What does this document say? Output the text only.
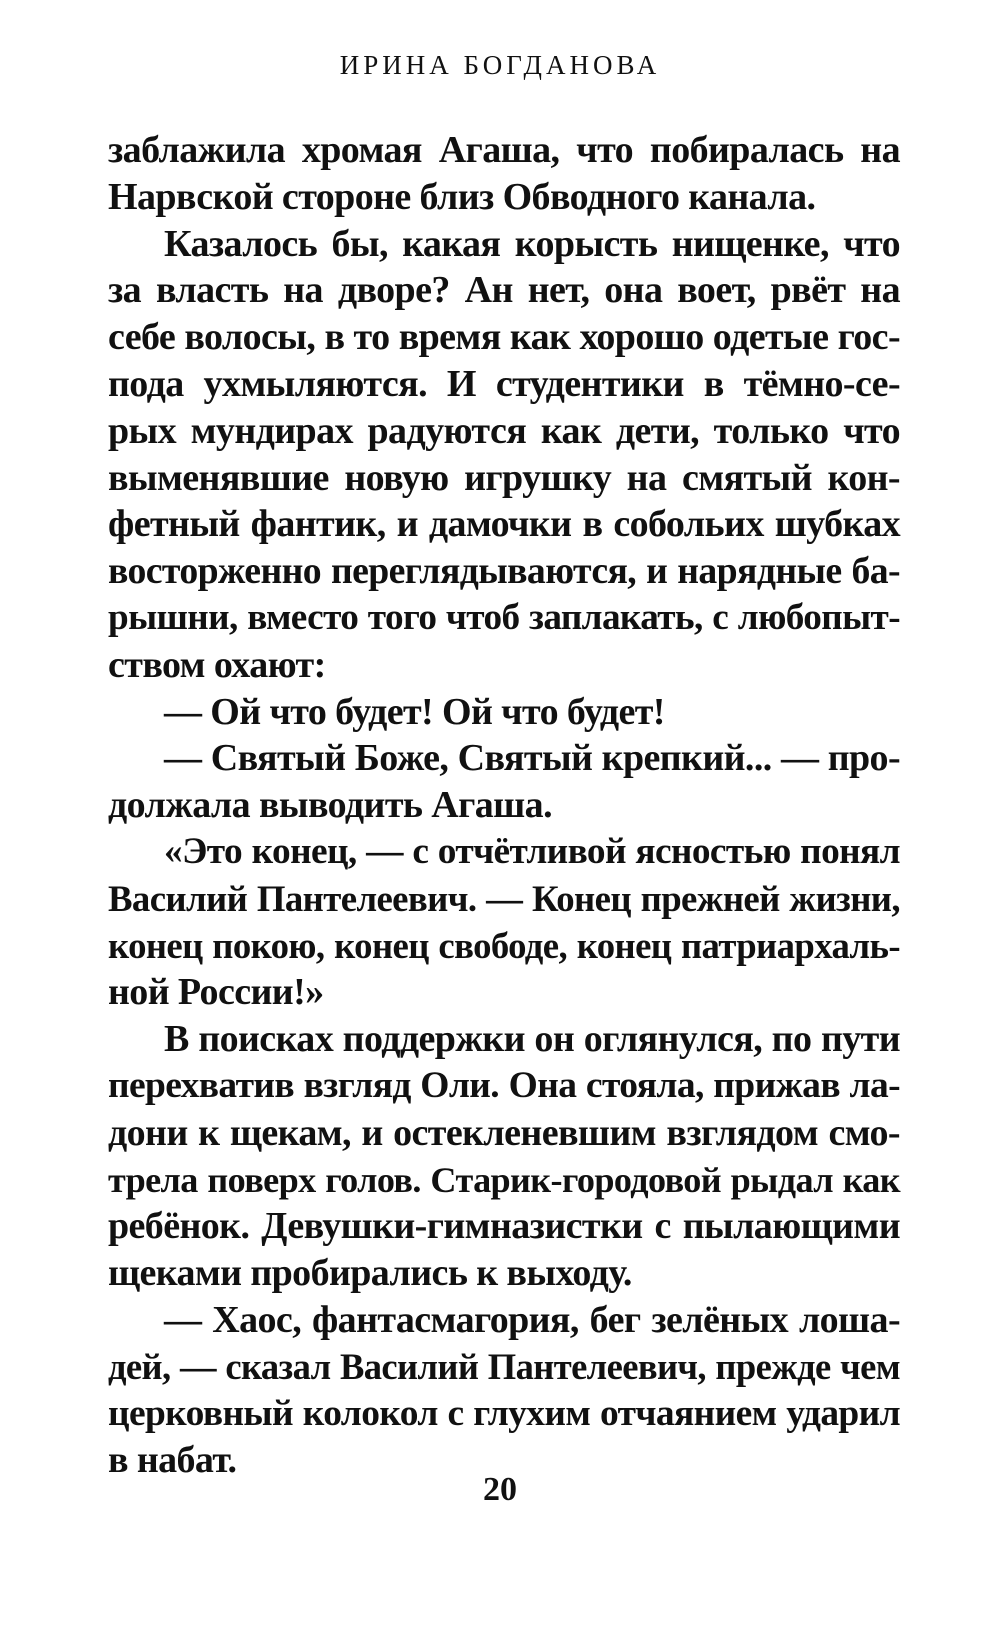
ИРИНА БОГДАНОВА
заблажила хромая Агаша, что побиралась на
Нарвской стороне близ Обводного канала.
Казалось бы, какая корысть нищенке, что
за власть на дворе? Ан нет, она воет, рвёт на
себе волосы, в то время как хорошо одетые гос-
пода ухмыляются. И студентики в тёмно-се-
рых мундирах радуются как дети, только что
выменявшие новую игрушку на смятый кон-
фетный фантик, и дамочки в собольих шубках
восторженно переглядываются, и нарядные ба-
рышни, вместо того чтоб заплакать, с любопыт-
ством охают:
— Ой что будет! Ой что будет!
— Святый Боже, Святый крепкий... — про-
должала выводить Агаша.
«Это конец, — с отчётливой ясностью понял
Василий Пантелеевич. — Конец прежней жизни,
конец покою, конец свободе, конец патриархаль-
ной России!»
В поисках поддержки он оглянулся, по пути
перехватив взгляд Оли. Она стояла, прижав ла-
дони к щекам, и остекленевшим взглядом смо-
трела поверх голов. Старик-городовой рыдал как
ребёнок. Девушки-гимназистки с пылающими
щеками пробирались к выходу.
— Хаос, фантасмагория, бег зелёных лоша-
дей, — сказал Василий Пантелеевич, прежде чем
церковный колокол с глухим отчаянием ударил
в набат.
20
